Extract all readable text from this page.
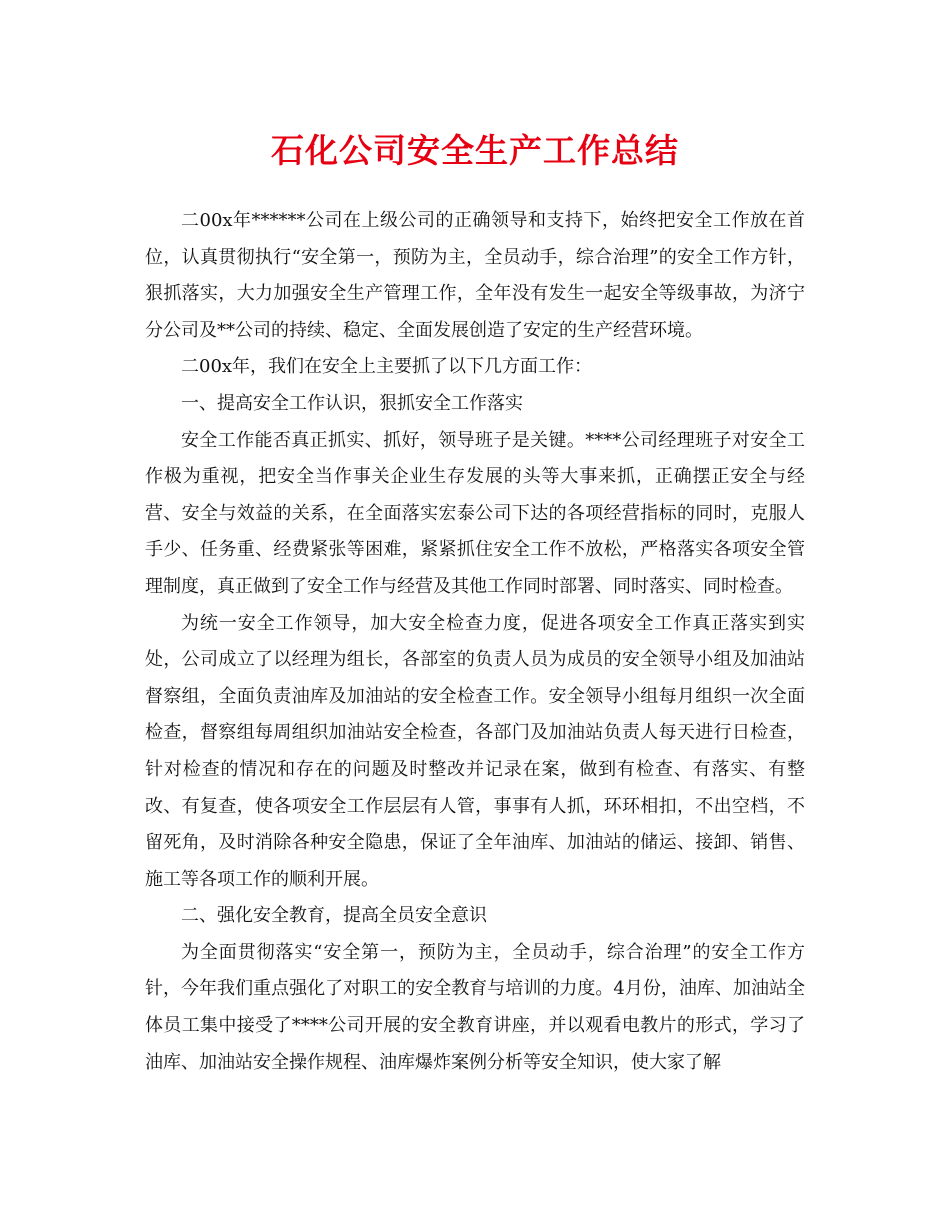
石化公司安全生产工作总结

二00x年******公司在上级公司的正确领导和支持下，始终把安全工作放在首位，认真贯彻执行“安全第一，预防为主，全员动手，综合治理”的安全工作方针，狠抓落实，大力加强安全生产管理工作，全年没有发生一起安全等级事故，为济宁分公司及**公司的持续、稳定、全面发展创造了安定的生产经营环境。

二00x年，我们在安全上主要抓了以下几方面工作：

一、提高安全工作认识，狠抓安全工作落实

安全工作能否真正抓实、抓好，领导班子是关键。****公司经理班子对安全工作极为重视，把安全当作事关企业生存发展的头等大事来抓，正确摆正安全与经营、安全与效益的关系，在全面落实宏泰公司下达的各项经营指标的同时，克服人手少、任务重、经费紧张等困难，紧紧抓住安全工作不放松，严格落实各项安全管理制度，真正做到了安全工作与经营及其他工作同时部署、同时落实、同时检查。

为统一安全工作领导，加大安全检查力度，促进各项安全工作真正落实到实处，公司成立了以经理为组长，各部室的负责人员为成员的安全领导小组及加油站督察组，全面负责油库及加油站的安全检查工作。安全领导小组每月组织一次全面检查，督察组每周组织加油站安全检查，各部门及加油站负责人每天进行日检查，针对检查的情况和存在的问题及时整改并记录在案，做到有检查、有落实、有整改、有复查，使各项安全工作层层有人管，事事有人抓，环环相扣，不出空档，不留死角，及时消除各种安全隐患，保证了全年油库、加油站的储运、接卸、销售、施工等各项工作的顺利开展。

二、强化安全教育，提高全员安全意识

为全面贯彻落实“安全第一，预防为主，全员动手，综合治理”的安全工作方针，今年我们重点强化了对职工的安全教育与培训的力度。4月份，油库、加油站全体员工集中接受了****公司开展的安全教育讲座，并以观看电教片的形式，学习了油库、加油站安全操作规程、油库爆炸案例分析等安全知识，使大家了解
